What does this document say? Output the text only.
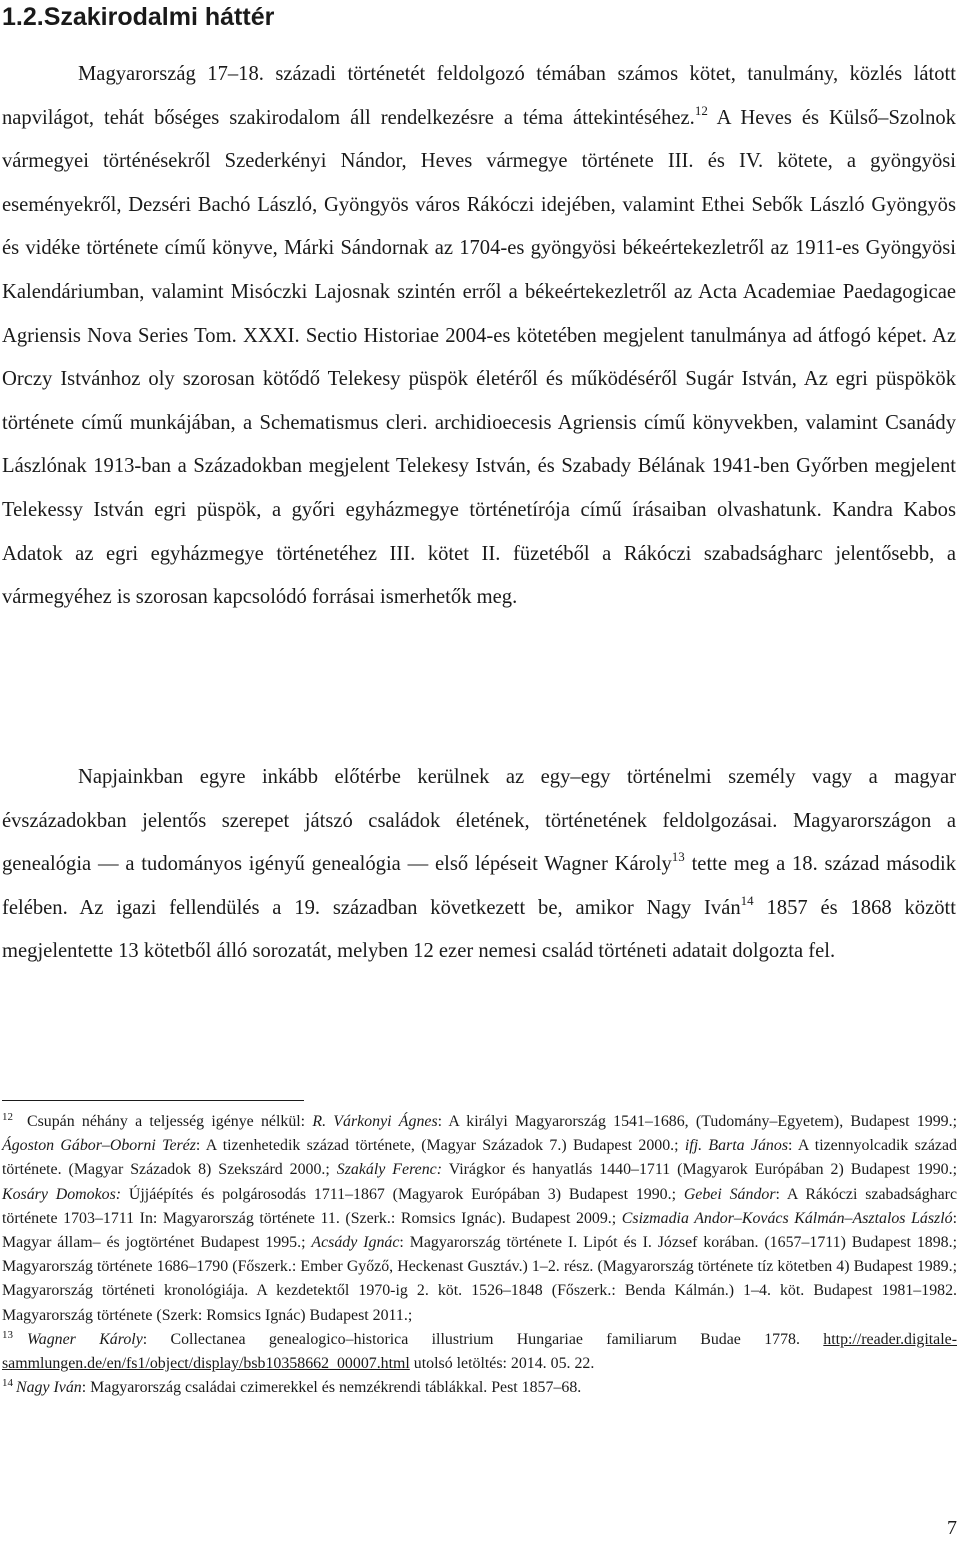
1.2.Szakirodalmi háttér

Magyarország 17–18. századi történetét feldolgozó témában számos kötet, tanulmány, közlés látott napvilágot, tehát bőséges szakirodalom áll rendelkezésre a téma áttekintéséhez.$^{12}$ A Heves és Külső–Szolnok vármegyei történésekről Szederkényi Nándor, Heves vármegye története III. és IV. kötete, a gyöngyösi eseményekről, Dezséri Bachó László, Gyöngyös város Rákóczi idejében, valamint Ethei Sebők László Gyöngyös és vidéke története című könyve, Márki Sándornak az 1704-es gyöngyösi békeértekezletről az 1911-es Gyöngyösi Kalendáriumban, valamint Misóczki Lajosnak szintén erről a békeértekezletről az Acta Academiae Paedagogicae Agriensis Nova Series Tom. XXXI. Sectio Historiae 2004-es kötetében megjelent tanulmánya ad átfogó képet. Az Orczy Istvánhoz oly szorosan kötődő Telekesy püspök életéről és működéséről Sugár István, Az egri püspökök története című munkájában, a Schematismus cleri. archidioecesis Agriensis című könyvekben, valamint Csanády Lászlónak 1913-ban a Századokban megjelent Telekesy István, és Szabady Bélának 1941-ben Győrben megjelent Telekessy István egri püspök, a győri egyházmegye történetírója című írásaiban olvashatunk. Kandra Kabos Adatok az egri egyházmegye történetéhez III. kötet II. füzetéből a Rákóczi szabadságharc jelentősebb, a vármegyéhez is szorosan kapcsolódó forrásai ismerhetők meg.

Napjainkban egyre inkább előtérbe kerülnek az egy–egy történelmi személy vagy a magyar évszázadokban jelentős szerepet játszó családok életének, történetének feldolgozásai. Magyarországon a genealógia — a tudományos igényű genealógia — első lépéseit Wagner Károly$^{13}$ tette meg a 18. század második felében. Az igazi fellendülés a 19. században következett be, amikor Nagy Iván$^{14}$ 1857 és 1868 között megjelentette 13 kötetből álló sorozatát, melyben 12 ezer nemesi család történeti adatait dolgozta fel.

$^{12}$ Csupán néhány a teljesség igénye nélkül: R. Várkonyi Ágnes: A királyi Magyarország 1541–1686, (Tudomány–Egyetem), Budapest 1999.; Ágoston Gábor–Oborni Teréz: A tizenhetedik század története, (Magyar Századok 7.) Budapest 2000.; ifj. Barta János: A tizennyolcadik század története. (Magyar Századok 8) Szekszárd 2000.; Szakály Ferenc: Virágkor és hanyatlás 1440–1711 (Magyarok Európában 2) Budapest 1990.; Kosáry Domokos: Újjáépítés és polgárosodás 1711–1867 (Magyarok Európában 3) Budapest 1990.; Gebei Sándor: A Rákóczi szabadságharc története 1703–1711 In: Magyarország története 11. (Szerk.: Romsics Ignác). Budapest 2009.; Csizmadia Andor–Kovács Kálmán–Asztalos László: Magyar állam– és jogtörténet Budapest 1995.; Acsády Ignác: Magyarország története I. Lipót és I. József korában. (1657–1711) Budapest 1898.; Magyarország története 1686–1790 (Főszerk.: Ember Győző, Heckenast Gusztáv.) 1–2. rész. (Magyarország története tíz kötetben 4) Budapest 1989.; Magyarország történeti kronológiája. A kezdetektől 1970-ig 2. köt. 1526–1848 (Főszerk.: Benda Kálmán.) 1–4. köt. Budapest 1981–1982. Magyarország története (Szerk: Romsics Ignác) Budapest 2011.;

$^{13}$ Wagner Károly: Collectanea genealogico–historica illustrium Hungariae familiarum Budae 1778. http://reader.digitale-sammlungen.de/en/fs1/object/display/bsb10358662_00007.html utolsó letöltés: 2014. 05. 22.

$^{14}$ Nagy Iván: Magyarország családai czimerekkel és nemzékrendi táblákkal. Pest 1857–68.

7
